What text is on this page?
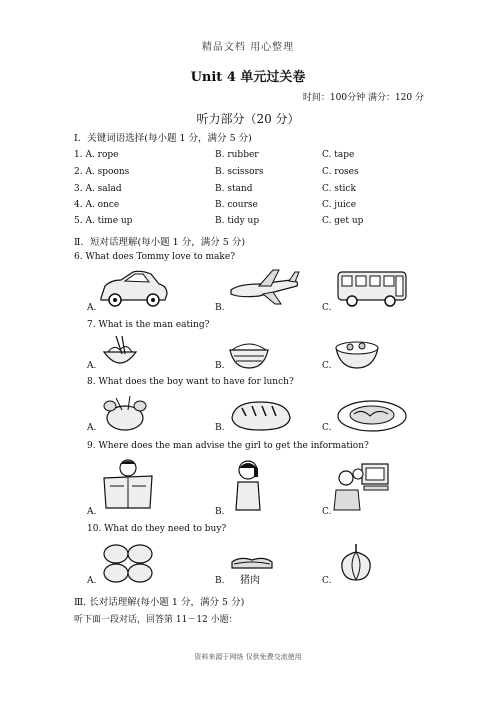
精品文档 用心整理
Unit 4 单元过关卷
时间：100分钟 满分：120 分
听力部分（20 分）
Ⅰ．关键词语选择(每小题 1 分，满分 5 分)
1. A. rope	B. rubber	C. tape
2. A. spoons	B. scissors	C. roses
3. A. salad	B. stand	C. stick
4. A. once	B. course	C. juice
5. A. time up	B. tidy up	C. get up
Ⅱ．短对话理解(每小题 1 分，满分 5 分)
6. What does Tommy love to make?
A.	B.	C.
7. What is the man eating?
A.	B.	C.
8. What does the boy want to have for lunch?
A.	B.	C.
9. Where does the man advise the girl to get the information?
A.	B.	C.
10. What do they need to buy?
猪肉
A.	B.	C.
Ⅲ. 长对话理解(每小题 1 分，满分 5 分)
听下面一段对话，回答第 11－12 小题：
资料来源于网络 仅供免费交流使用
